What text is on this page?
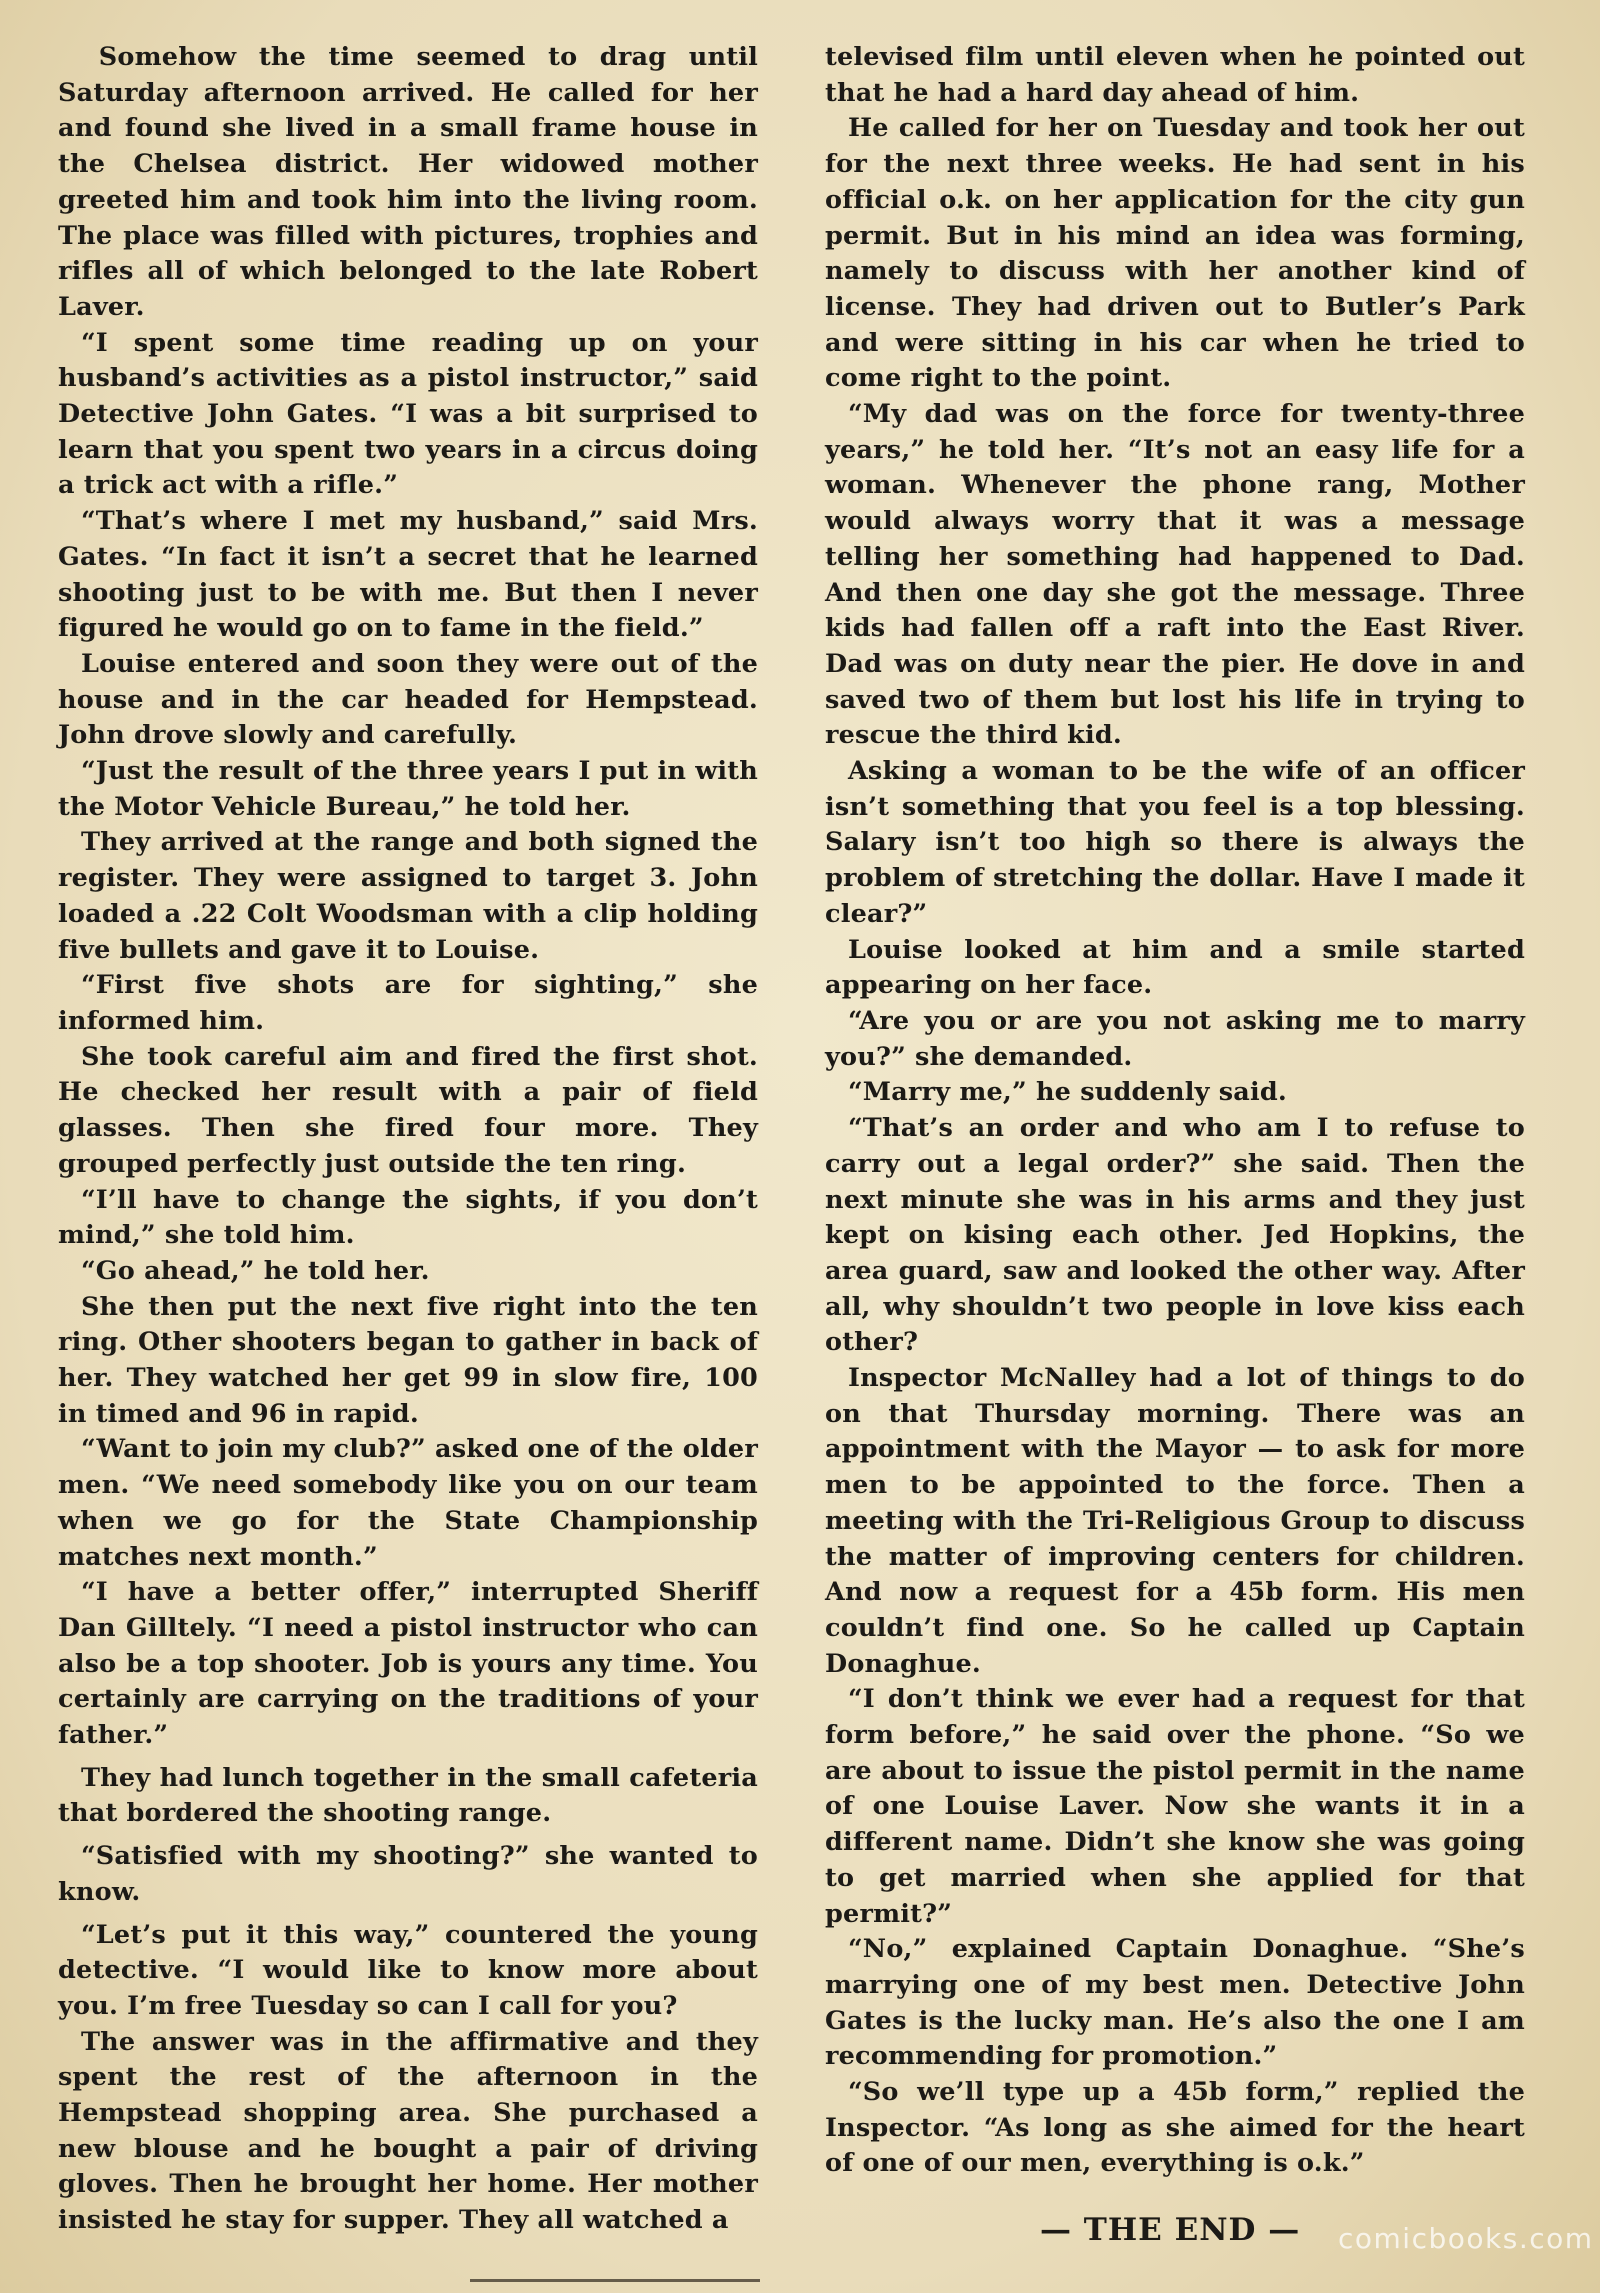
Somehow the time seemed to drag until Saturday afternoon arrived. He called for her and found she lived in a small frame house in the Chelsea district. Her widowed mother greeted him and took him into the living room. The place was filled with pictures, trophies and rifles all of which belonged to the late Robert Laver.

“I spent some time reading up on your husband’s activities as a pistol instructor,” said Detective John Gates. “I was a bit surprised to learn that you spent two years in a circus doing a trick act with a rifle.”

“That’s where I met my husband,” said Mrs. Gates. “In fact it isn’t a secret that he learned shooting just to be with me. But then I never figured he would go on to fame in the field.”

Louise entered and soon they were out of the house and in the car headed for Hempstead. John drove slowly and carefully.

“Just the result of the three years I put in with the Motor Vehicle Bureau,” he told her.

They arrived at the range and both signed the register. They were assigned to target 3. John loaded a .22 Colt Woodsman with a clip holding five bullets and gave it to Louise.

“First five shots are for sighting,” she informed him.

She took careful aim and fired the first shot. He checked her result with a pair of field glasses. Then she fired four more. They grouped perfectly just outside the ten ring.

“I’ll have to change the sights, if you don’t mind,” she told him.

“Go ahead,” he told her.

She then put the next five right into the ten ring. Other shooters began to gather in back of her. They watched her get 99 in slow fire, 100 in timed and 96 in rapid.

“Want to join my club?” asked one of the older men. “We need somebody like you on our team when we go for the State Championship matches next month.”

“I have a better offer,” interrupted Sheriff Dan Gilltely. “I need a pistol instructor who can also be a top shooter. Job is yours any time. You certainly are carrying on the traditions of your father.”

They had lunch together in the small cafeteria that bordered the shooting range.

“Satisfied with my shooting?” she wanted to know.

“Let’s put it this way,” countered the young detective. “I would like to know more about you. I’m free Tuesday so can I call for you?

The answer was in the affirmative and they spent the rest of the afternoon in the Hempstead shopping area. She purchased a new blouse and he bought a pair of driving gloves. Then he brought her home. Her mother insisted he stay for supper. They all watched a

televised film until eleven when he pointed out that he had a hard day ahead of him.

He called for her on Tuesday and took her out for the next three weeks. He had sent in his official o.k. on her application for the city gun permit. But in his mind an idea was forming, namely to discuss with her another kind of license. They had driven out to Butler’s Park and were sitting in his car when he tried to come right to the point.

“My dad was on the force for twenty-three years,” he told her. “It’s not an easy life for a woman. Whenever the phone rang, Mother would always worry that it was a message telling her something had happened to Dad. And then one day she got the message. Three kids had fallen off a raft into the East River. Dad was on duty near the pier. He dove in and saved two of them but lost his life in trying to rescue the third kid.

Asking a woman to be the wife of an officer isn’t something that you feel is a top blessing. Salary isn’t too high so there is always the problem of stretching the dollar. Have I made it clear?”

Louise looked at him and a smile started appearing on her face.

“Are you or are you not asking me to marry you?” she demanded.

“Marry me,” he suddenly said.

“That’s an order and who am I to refuse to carry out a legal order?” she said. Then the next minute she was in his arms and they just kept on kising each other. Jed Hopkins, the area guard, saw and looked the other way. After all, why shouldn’t two people in love kiss each other?

Inspector McNalley had a lot of things to do on that Thursday morning. There was an appointment with the Mayor — to ask for more men to be appointed to the force. Then a meeting with the Tri-Religious Group to discuss the matter of improving centers for children. And now a request for a 45b form. His men couldn’t find one. So he called up Captain Donaghue.

“I don’t think we ever had a request for that form before,” he said over the phone. “So we are about to issue the pistol permit in the name of one Louise Laver. Now she wants it in a different name. Didn’t she know she was going to get married when she applied for that permit?”

“No,” explained Captain Donaghue. “She’s marrying one of my best men. Detective John Gates is the lucky man. He’s also the one I am recommending for promotion.”

“So we’ll type up a 45b form,” replied the Inspector. “As long as she aimed for the heart of one of our men, everything is o.k.”

— THE END —	comicbooks.com
